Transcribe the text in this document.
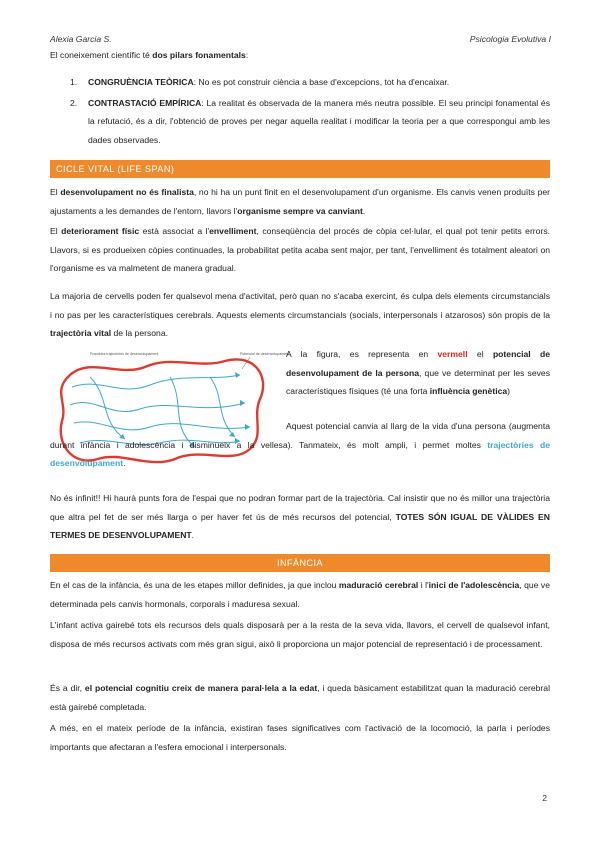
Alexia Garcia S.	Psicologia Evolutiva I
El coneixement científic té dos pilars fonamentals:
1. CONGRUÈNCIA TEÒRICA: No es pot construir ciència a base d'excepcions, tot ha d'encaixar.
2. CONTRASTACIÓ EMPÍRICA: La realitat és observada de la manera més neutra possible. El seu principi fonamental és la refutació, és a dir, l'obtenció de proves per negar aquella realitat i modificar la teoria per a que correspongui amb les dades observades.
CICLE VITAL (LIFE SPAN)
El desenvolupament no és finalista, no hi ha un punt finit en el desenvolupament d'un organisme. Els canvis venen produïts per ajustaments a les demandes de l'entorn, llavors l'organisme sempre va canviant.
El deteriorament físic està associat a l'envelliment, conseqüència del procés de còpia cel·lular, el qual pot tenir petits errors. Llavors, si es produeixen còpies continuades, la probabilitat petita acaba sent major, per tant, l'envelliment és totalment aleatori on l'organisme es va malmetent de manera gradual.
La majoria de cervells poden fer qualsevol mena d'activitat, però quan no s'acaba exercint, és culpa dels elements circumstancials i no pas per les característiques cerebrals. Aquests elements circumstancials (socials, interpersonals i atzarosos) són propis de la trajectòria vital de la persona.
Possibles trajectòries de desenvolupament	Potencial de desenvolupament
A la figura, es representa en vermell el potencial de desenvolupament de la persona, que ve determinat per les seves característiques físiques (té una forta influència genètica)
Aquest potencial canvia al llarg de la vida d'una persona (augmenta durant infància i adolescència i disminueix a la vellesa). Tanmateix, és molt ampli, i permet moltes trajectòries de desenvolupament.
No és infinit!! Hi haurà punts fora de l'espai que no podran formar part de la trajectòria. Cal insistir que no és millor una trajectòria que altra pel fet de ser més llarga o per haver fet ús de més recursos del potencial, TOTES SÓN IGUAL DE VÀLIDES EN TERMES DE DESENVOLUPAMENT.
INFÀNCIA
En el cas de la infància, és una de les etapes millor definides, ja que inclou maduració cerebral i l'inici de l'adolescència, que ve determinada pels canvis hormonals, corporals i maduresa sexual.
L'infant activa gairebé tots els recursos dels quals disposarà per a la resta de la seva vida, llavors, el cervell de qualsevol infant, disposa de més recursos activats com més gran sigui, això li proporciona un major potencial de representació i de processament.
És a dir, el potencial cognitiu creix de manera paral·lela a la edat, i queda bàsicament estabilitzat quan la maduració cerebral està gairebé completada.
A més, en el mateix període de la infància, existiran fases significatives com l'activació de la locomoció, la parla i períodes importants que afectaran a l'esfera emocional i interpersonals.
2
